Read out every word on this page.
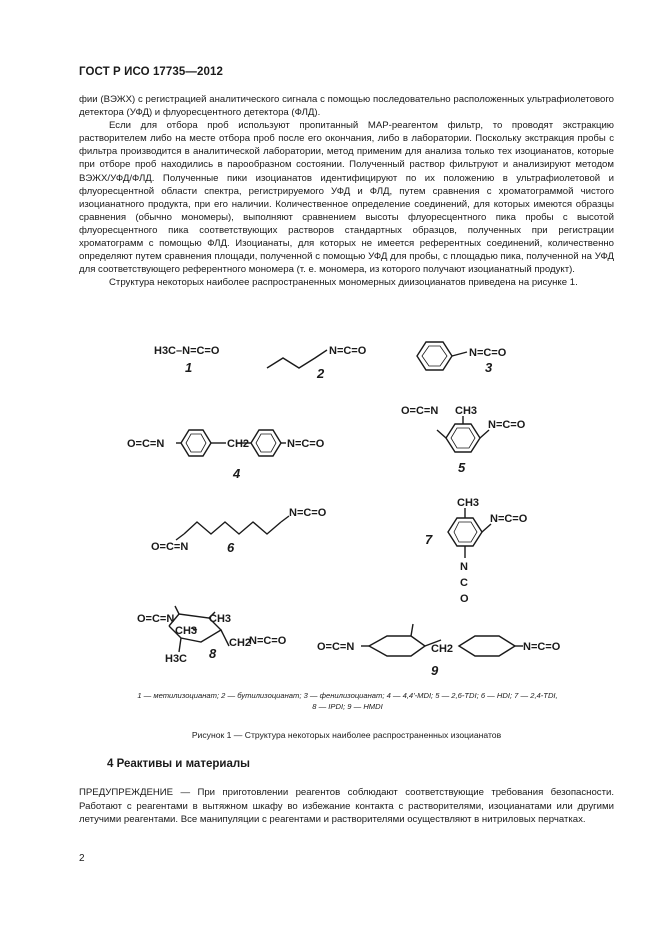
ГОСТ Р ИСО 17735—2012

фии (ВЭЖХ) с регистрацией аналитического сигнала с помощью последовательно расположенных ультрафиолетового детектора (УФД) и флуоресцентного детектора (ФЛД).

Если для отбора проб используют пропитанный МАР-реагентом фильтр, то проводят экстракцию растворителем либо на месте отбора проб после его окончания, либо в лаборатории. Поскольку экстракция пробы с фильтра производится в аналитической лаборатории, метод применим для анализа только тех изоцианатов, которые при отборе проб находились в парообразном состоянии. Полученный раствор фильтруют и анализируют методом ВЭЖХ/УФД/ФЛД. Полученные пики изоцианатов идентифицируют по их положению в ультрафиолетовой и флуоресцентной области спектра, регистрируемого УФД и ФЛД, путем сравнения с хроматограммой чистого изоцианатного продукта, при его наличии. Количественное определение соединений, для которых имеются образцы сравнения (обычно мономеры), выполняют сравнением высоты флуоресцентного пика пробы с высотой флуоресцентного пика соответствующих растворов стандартных образцов, полученных при регистрации хроматограмм с помощью ФЛД. Изоцианаты, для которых не имеется референтных соединений, количественно определяют путем сравнения площади, полученной с помощью УФД для пробы, с площадью пика, полученной на УФД для соответствующего референтного мономера (т. е. мономера, из которого получают изоцианатный продукт).

Структура некоторых наиболее распространенных мономерных диизоцианатов приведена на рисунке 1.

H3C–N=C=O
1
N=C=O
2
N=C=O
3
O=C=N	CH2	N=C=O
4
CH3
O=C=N
N=C=O
5
O=C=N
N=C=O
6
CH3
N=C=O
N
C
O
7
O=C=N
CH3
CH3
CH2
N=C=O
H3C 8	O=C=N	CH2	N=C=O
9
1 — метилизоцианат; 2 — бутилизоцианат; 3 — фенилизоцианат; 4 — 4,4'-MDI; 5 — 2,6-TDI; 6 — HDI; 7 — 2,4-TDI,
8 — IPDI; 9 — HMDI
Рисунок 1 — Структура некоторых наиболее распространенных изоцианатов
4 Реактивы и материалы
ПРЕДУПРЕЖДЕНИЕ — При приготовлении реагентов соблюдают соответствующие требования безопасности. Работают с реагентами в вытяжном шкафу во избежание контакта с растворителями, изоцианатами или другими летучими реагентами. Все манипуляции с реагентами и растворителями осуществляют в нитриловых перчатках.
2
